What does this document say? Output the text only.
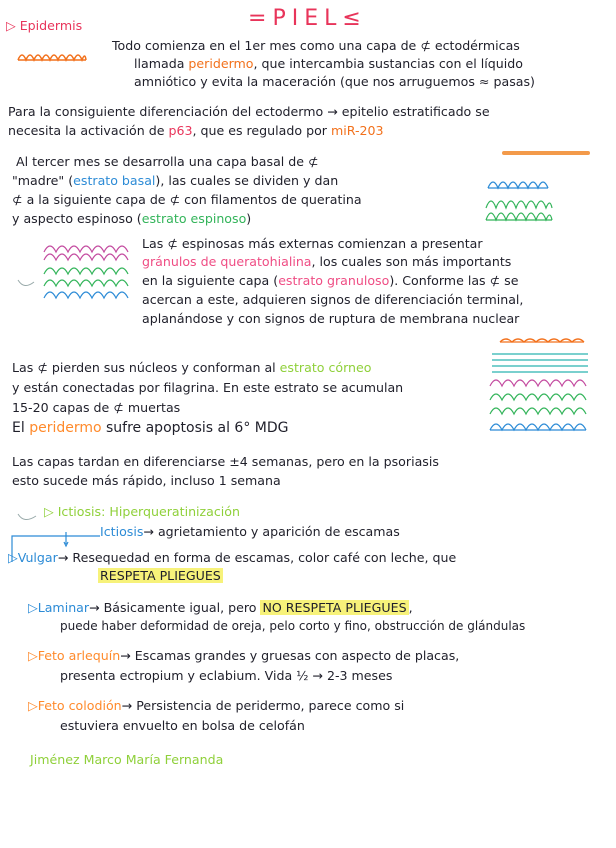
=PIEL≤
▷ Epidermis
Todo comienza en el 1er mes como una capa de ⊄ ectodérmicas
llamada peridermo, que intercambia sustancias con el líquido
amniótico y evita la maceración (que nos arruguemos ≈ pasas)
Para la consiguiente diferenciación del ectodermo → epitelio estratificado se
necesita la activación de p63, que es regulado por miR-203
Al tercer mes se desarrolla una capa basal de ⊄
"madre" (estrato basal), las cuales se dividen y dan
⊄ a la siguiente capa de ⊄ con filamentos de queratina
y aspecto espinoso (estrato espinoso)
Las ⊄ espinosas más externas comienzan a presentar
gránulos de queratohialina, los cuales son más importants
en la siguiente capa (estrato granuloso). Conforme las ⊄ se
acercan a este, adquieren signos de diferenciación terminal,
aplanándose y con signos de ruptura de membrana nuclear
Las ⊄ pierden sus núcleos y conforman al estrato córneo
y están conectadas por filagrina. En este estrato se acumulan
15-20 capas de ⊄ muertas
El peridermo sufre apoptosis al 6° MDG
Las capas tardan en diferenciarse ±4 semanas, pero en la psoriasis
esto sucede más rápido, incluso 1 semana
▷ Ictiosis: Hiperqueratinización
Ictiosis→ agrietamiento y aparición de escamas
▷Vulgar→ Resequedad en forma de escamas, color café con leche, que
RESPETA PLIEGUES
▷Laminar→ Básicamente igual, pero NO RESPETA PLIEGUES ,
puede haber deformidad de oreja, pelo corto y fino, obstrucción de glándulas
▷Feto arlequín→ Escamas grandes y gruesas con aspecto de placas,
presenta ectropium y eclabium. Vida ½ → 2-3 meses
▷Feto colodión→ Persistencia de peridermo, parece como si
estuviera envuelto en bolsa de celofán
Jiménez Marco María Fernanda
